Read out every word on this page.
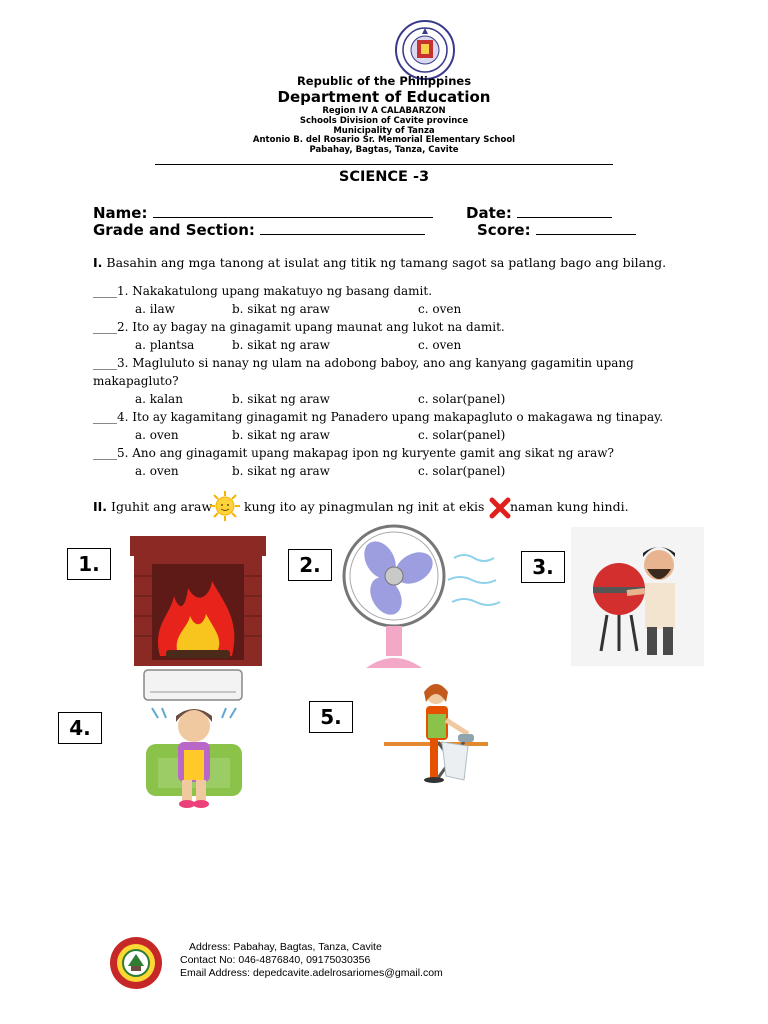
Republic of the Philippines
Department of Education
Region IV A CALABARZON
Schools Division of Cavite province
Municipality of Tanza
Antonio B. del Rosario Sr. Memorial Elementary School
Pabahay, Bagtas, Tanza, Cavite
SCIENCE -3
Name:	Date:
Grade and Section:	Score:
I. Basahin ang mga tanong at isulat ang titik ng tamang sagot sa patlang bago ang bilang.
____1. Nakakatulong upang makatuyo ng basang damit.
a. ilaw	b. sikat ng araw	c. oven
____2. Ito ay bagay na ginagamit upang maunat ang lukot na damit.
a. plantsa	b. sikat ng araw	c. oven
____3. Magluluto si nanay ng ulam na adobong baboy, ano ang kanyang gagamitin upang
makapagluto?
a. kalan	b. sikat ng araw	c. solar(panel)
____4. Ito ay kagamitang ginagamit ng Panadero upang makapagluto o makagawa ng tinapay.
a. oven	b. sikat ng araw	c. solar(panel)
____5. Ano ang ginagamit upang makapag ipon ng kuryente gamit ang sikat ng araw?
a. oven	b. sikat ng araw	c. solar(panel)
II. Iguhit ang araw	kung ito ay pinagmulan ng init at ekis naman kung hindi.
1.	2.	3.
4.	5.
Address: Pabahay, Bagtas, Tanza, Cavite
Contact No: 046-4876840, 09175030356
Email Address: depedcavite.adelrosariomes@gmail.com
